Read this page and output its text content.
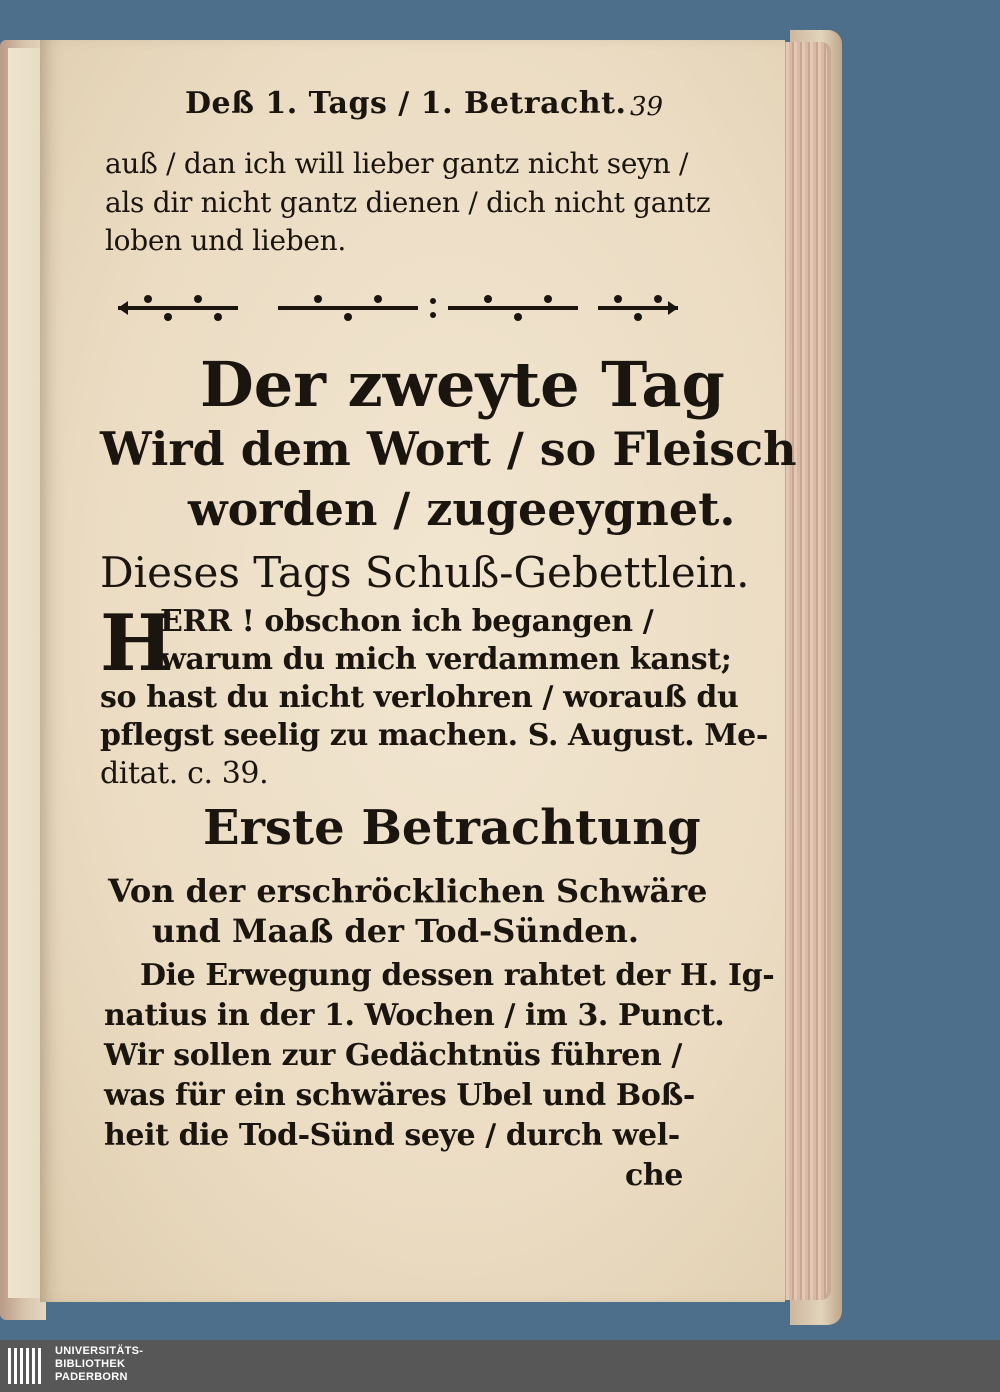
Deß 1. Tags / 1. Betracht. 39
auß / dan ich will lieber gantz nicht seyn /
als dir nicht gantz dienen / dich nicht gantz
loben und lieben.
Der zweyte Tag
Wird dem Wort / so Fleisch
worden / zugeeygnet.
Dieses Tags Schuß-Gebettlein.
H
ERR ! obschon ich begangen /
warum du mich verdammen kanst;
so hast du nicht verlohren / worauß du
pflegst seelig zu machen. S. August. Me-
ditat. c. 39.
Erste Betrachtung
Von der erschröcklichen Schwäre
und Maaß der Tod-Sünden.
Die Erwegung dessen rahtet der H. Ig-
natius in der 1. Wochen / im 3. Punct.
Wir sollen zur Gedächtnüs führen /
was für ein schwäres Ubel und Boß-
heit die Tod-Sünd seye / durch wel-
che
UNIVERSITÄTS-
BIBLIOTHEK
PADERBORN
